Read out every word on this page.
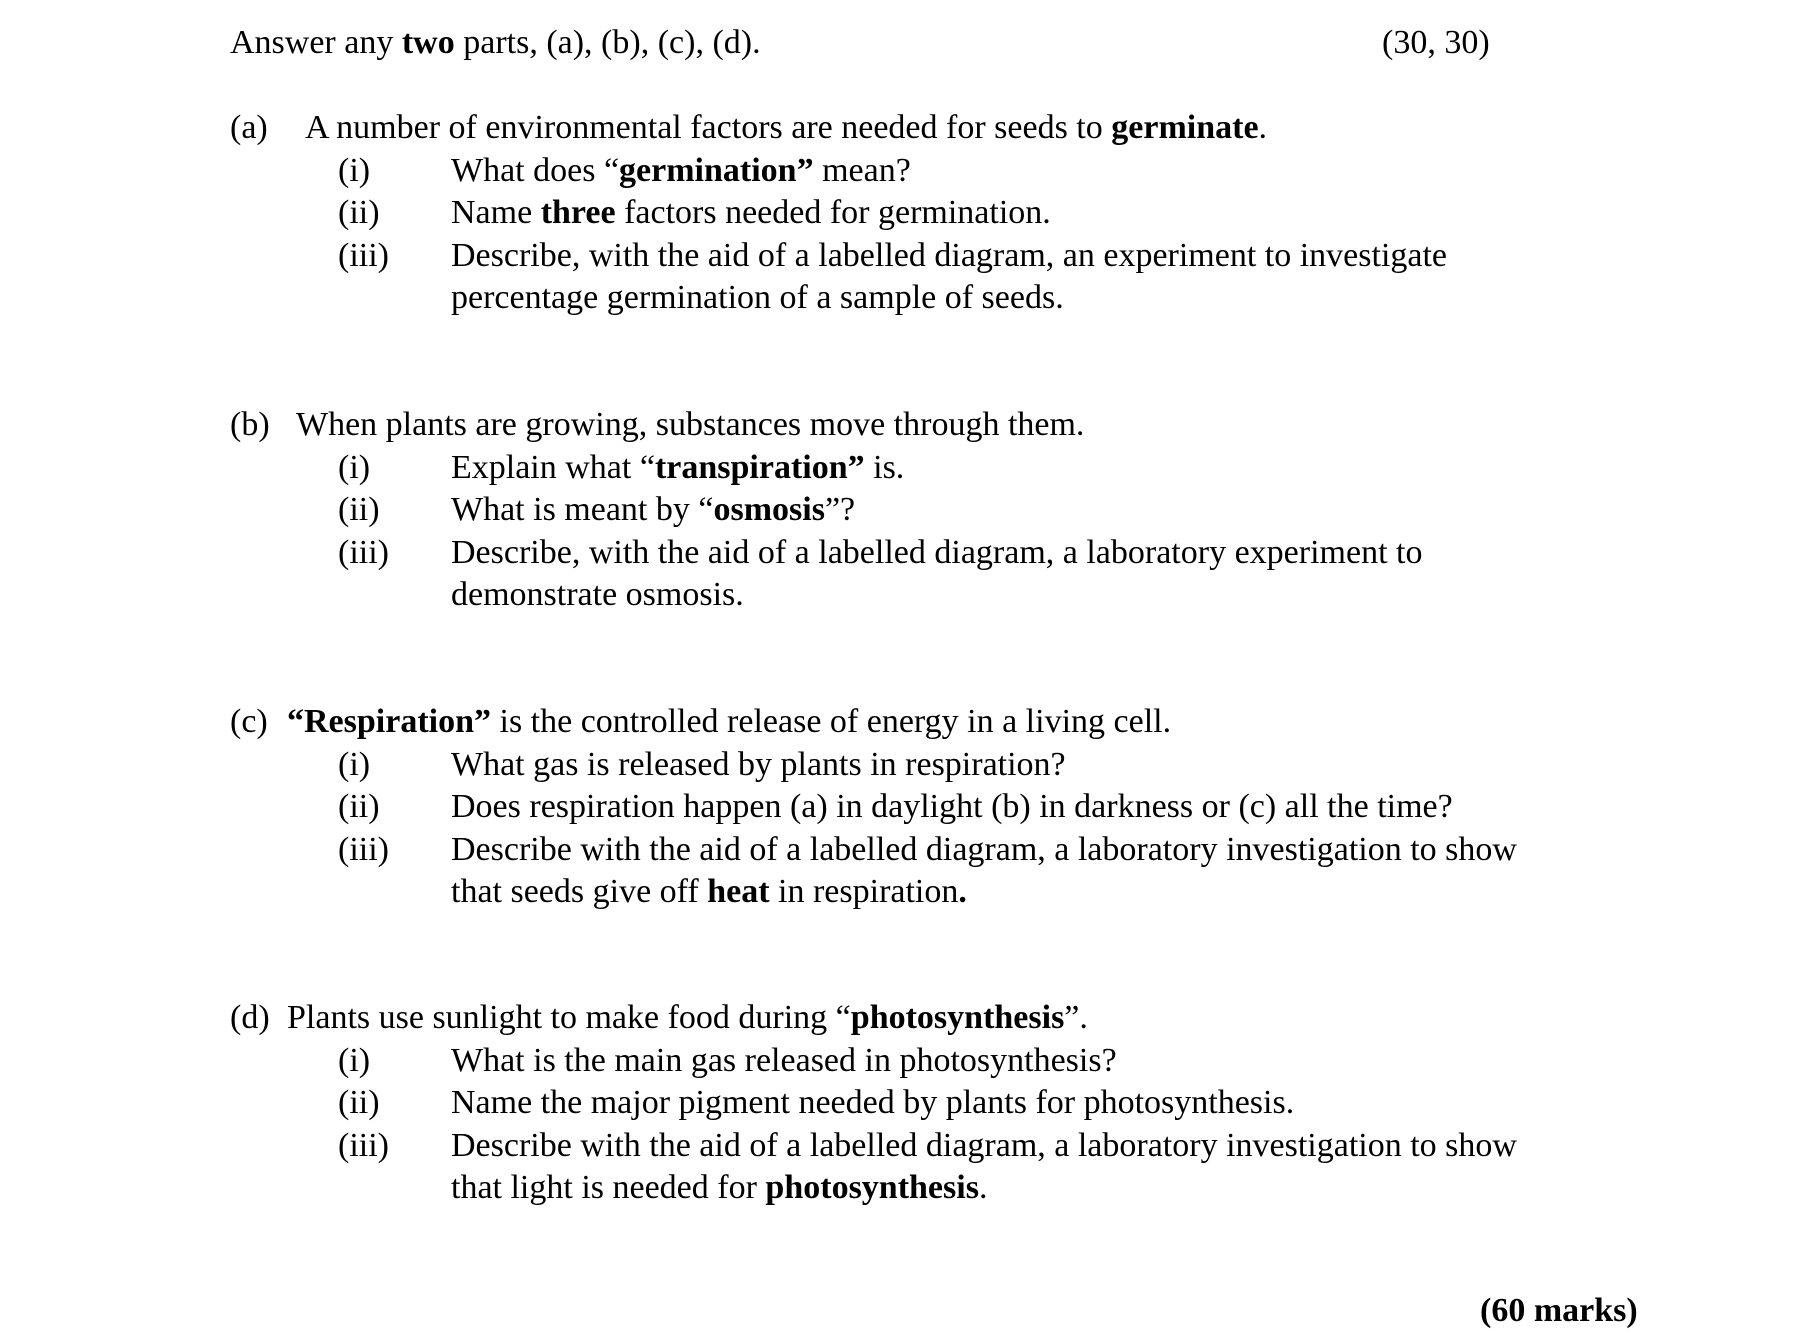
Answer any two parts, (a), (b), (c), (d).	(30, 30)
(a) A number of environmental factors are needed for seeds to germinate.
(i) What does “germination” mean?
(ii) Name three factors needed for germination.
(iii) Describe, with the aid of a labelled diagram, an experiment to investigate
percentage germination of a sample of seeds.
(b) When plants are growing, substances move through them.
(i) Explain what “transpiration” is.
(ii) What is meant by “osmosis”?
(iii) Describe, with the aid of a labelled diagram, a laboratory experiment to
demonstrate osmosis.
(c) “Respiration” is the controlled release of energy in a living cell.
(i) What gas is released by plants in respiration?
(ii) Does respiration happen (a) in daylight (b) in darkness or (c) all the time?
(iii) Describe with the aid of a labelled diagram, a laboratory investigation to show
that seeds give off heat in respiration.
(d) Plants use sunlight to make food during “photosynthesis”.
(i) What is the main gas released in photosynthesis?
(ii) Name the major pigment needed by plants for photosynthesis.
(iii) Describe with the aid of a labelled diagram, a laboratory investigation to show
that light is needed for photosynthesis.
(60 marks)
